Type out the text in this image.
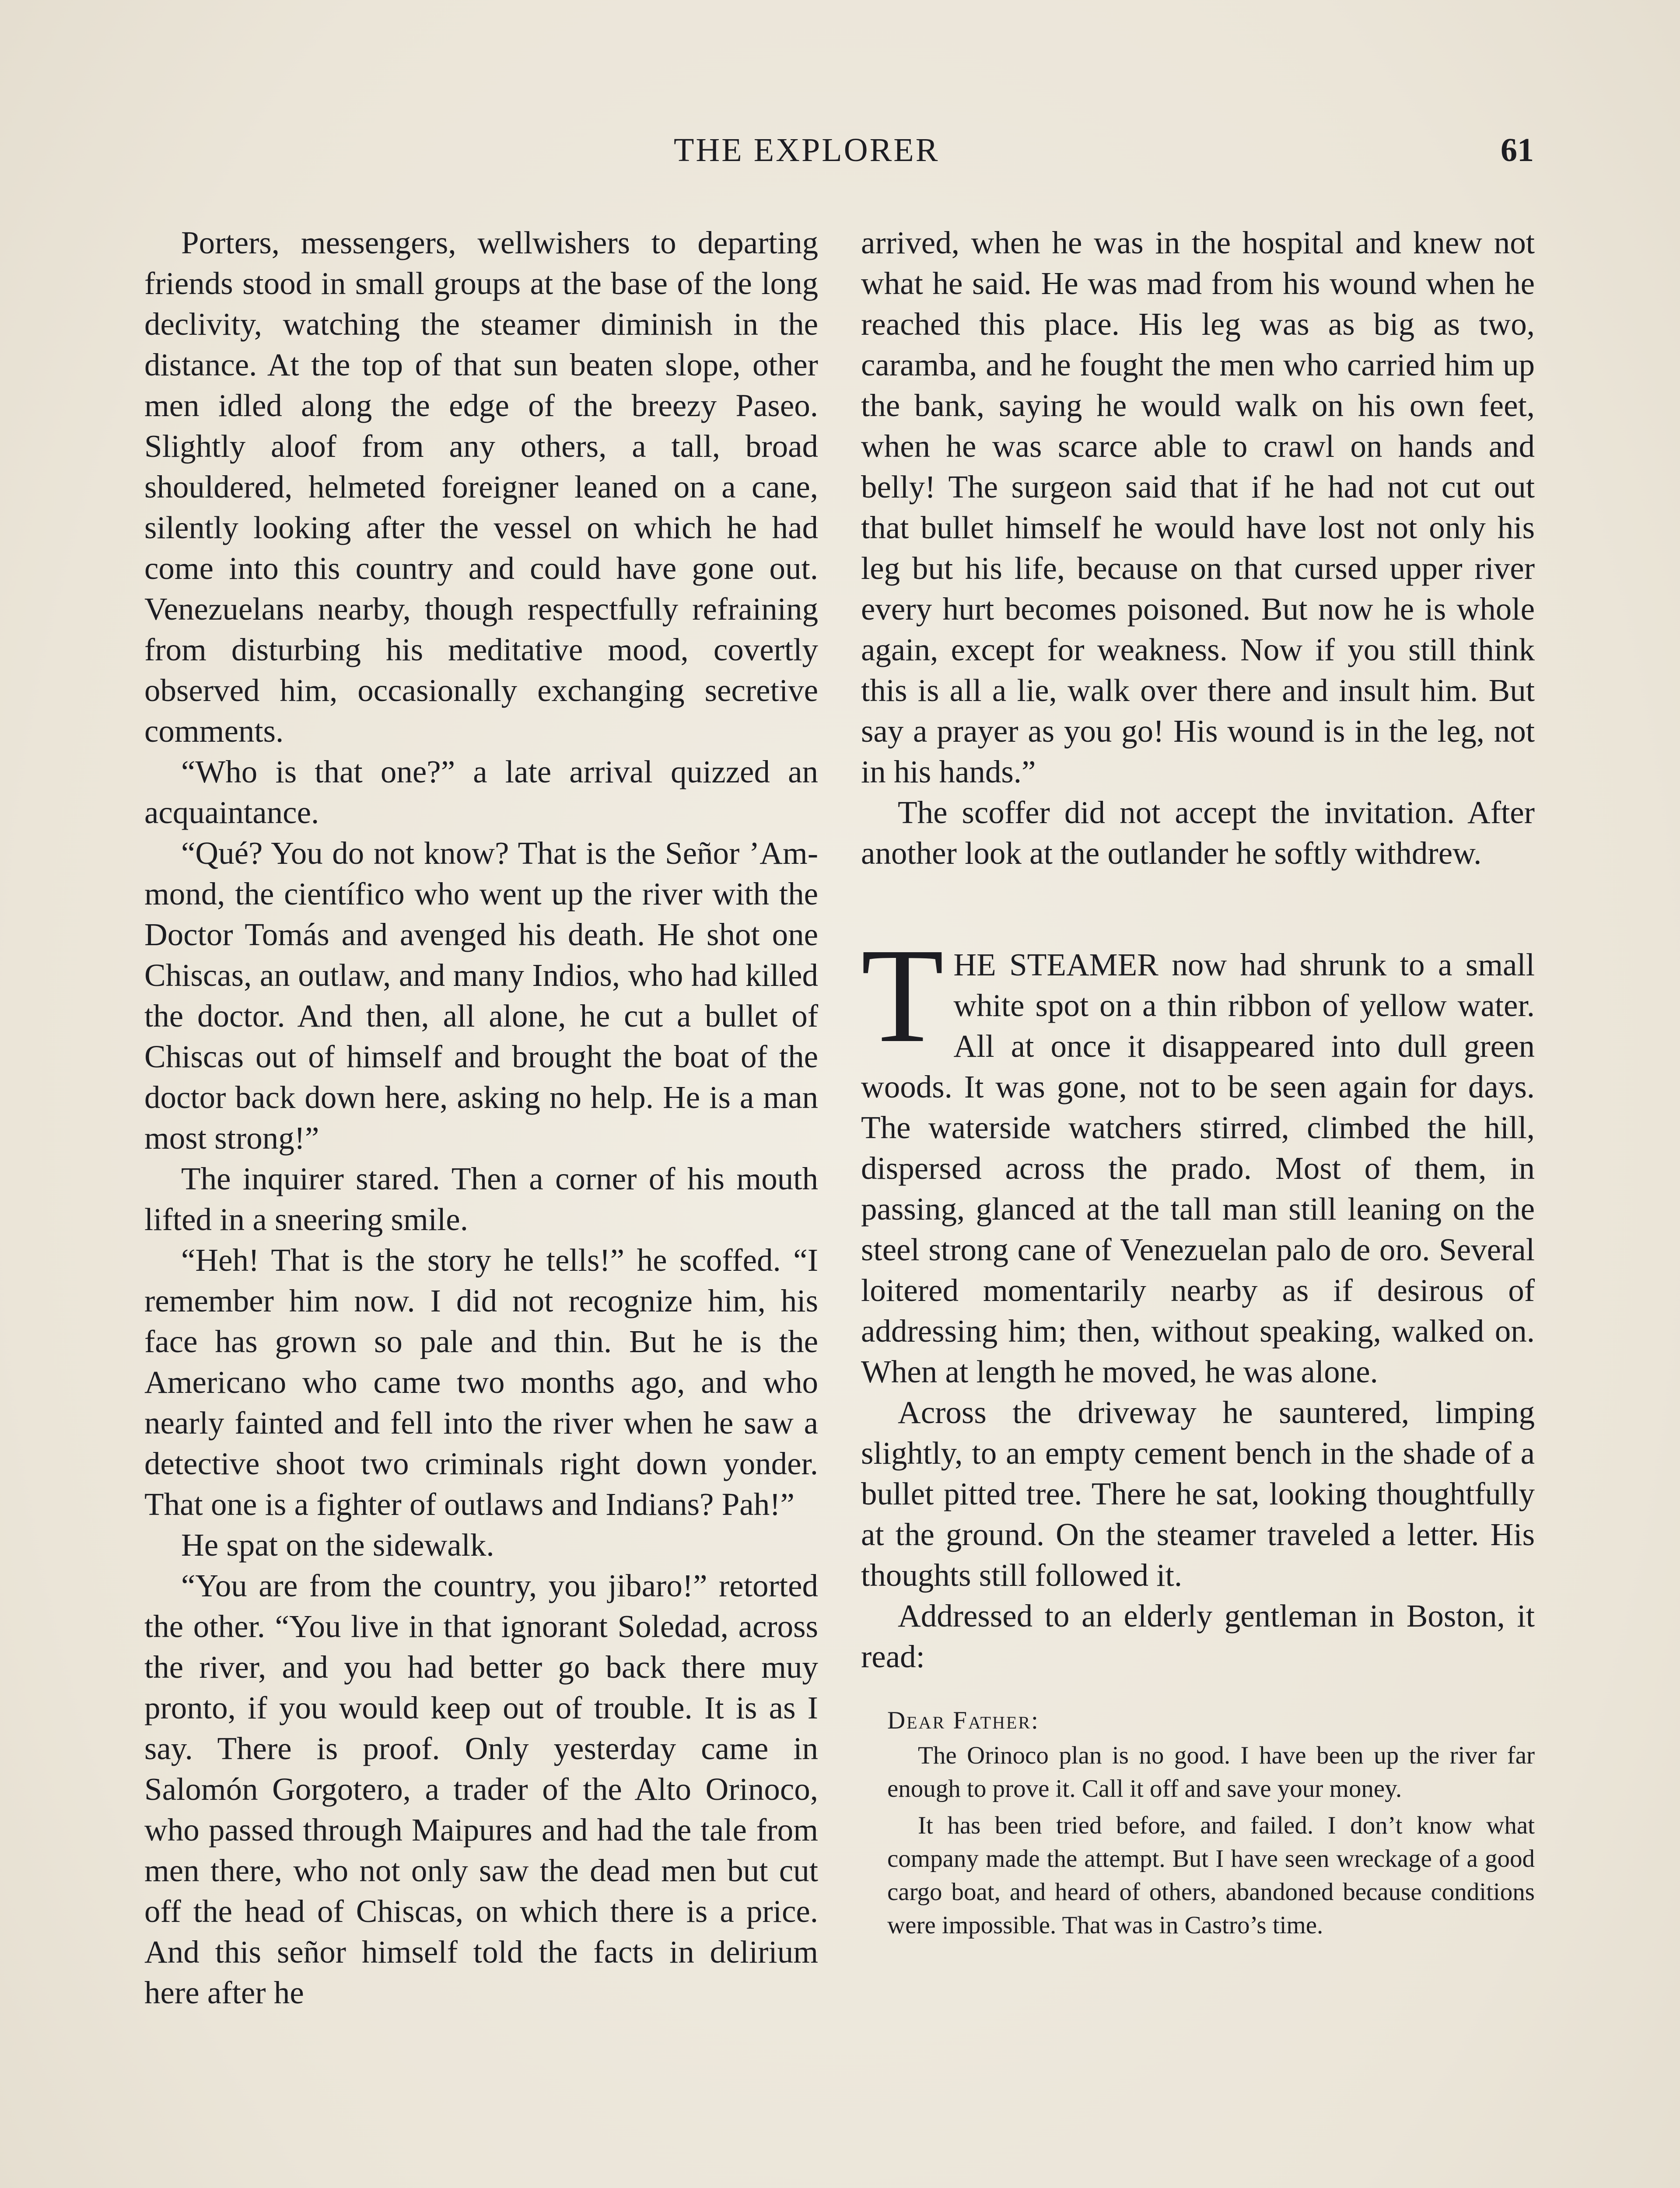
THE EXPLORER	61

Porters, messengers, wellwishers to departing friends stood in small groups at the base of the long declivity, watching the steamer diminish in the distance. At the top of that sun beaten slope, other men idled along the edge of the breezy Paseo. Slightly aloof from any others, a tall, broad shouldered, helmeted foreigner leaned on a cane, silently looking after the vessel on which he had come into this country and could have gone out. Venezuelans nearby, though respectfully refraining from disturbing his meditative mood, covertly observed him, occasionally exchanging secretive comments.

“Who is that one?” a late arrival quizzed an acquaintance.

“Qué? You do not know? That is the Señor ’Am-mond, the científico who went up the river with the Doctor Tomás and avenged his death. He shot one Chiscas, an outlaw, and many Indios, who had killed the doctor. And then, all alone, he cut a bullet of Chiscas out of himself and brought the boat of the doctor back down here, asking no help. He is a man most strong!”

The inquirer stared. Then a corner of his mouth lifted in a sneering smile.

“Heh! That is the story he tells!” he scoffed. “I remember him now. I did not recognize him, his face has grown so pale and thin. But he is the Americano who came two months ago, and who nearly fainted and fell into the river when he saw a detective shoot two criminals right down yonder. That one is a fighter of outlaws and Indians? Pah!”

He spat on the sidewalk.

“You are from the country, you jibaro!” retorted the other. “You live in that ignorant Soledad, across the river, and you had better go back there muy pronto, if you would keep out of trouble. It is as I say. There is proof. Only yesterday came in Salomón Gorgotero, a trader of the Alto Orinoco, who passed through Maipures and had the tale from men there, who not only saw the dead men but cut off the head of Chiscas, on which there is a price. And this señor himself told the facts in delirium here after he

arrived, when he was in the hospital and knew not what he said. He was mad from his wound when he reached this place. His leg was as big as two, caramba, and he fought the men who carried him up the bank, saying he would walk on his own feet, when he was scarce able to crawl on hands and belly! The surgeon said that if he had not cut out that bullet himself he would have lost not only his leg but his life, because on that cursed upper river every hurt becomes poisoned. But now he is whole again, except for weakness. Now if you still think this is all a lie, walk over there and insult him. But say a prayer as you go! His wound is in the leg, not in his hands.”

The scoffer did not accept the invitation. After another look at the outlander he softly withdrew.

THE STEAMER now had shrunk to a small white spot on a thin ribbon of yellow water. All at once it disappeared into dull green woods. It was gone, not to be seen again for days. The waterside watchers stirred, climbed the hill, dispersed across the prado. Most of them, in passing, glanced at the tall man still leaning on the steel strong cane of Venezuelan palo de oro. Several loitered momentarily nearby as if desirous of addressing him; then, without speaking, walked on. When at length he moved, he was alone.

Across the driveway he sauntered, limping slightly, to an empty cement bench in the shade of a bullet pitted tree. There he sat, looking thoughtfully at the ground. On the steamer traveled a letter. His thoughts still followed it.

Addressed to an elderly gentleman in Boston, it read:

Dear Father:

The Orinoco plan is no good. I have been up the river far enough to prove it. Call it off and save your money.

It has been tried before, and failed. I don’t know what company made the attempt. But I have seen wreckage of a good cargo boat, and heard of others, abandoned because conditions were impossible. That was in Castro’s time.
